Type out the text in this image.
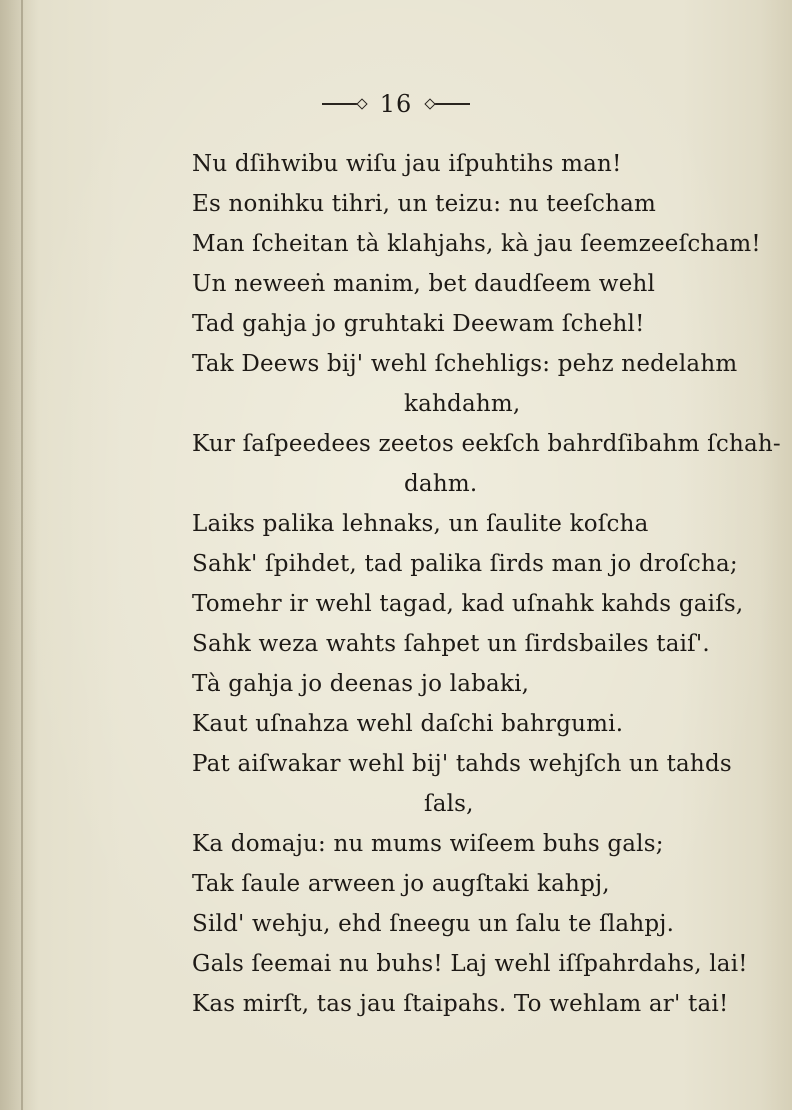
16
Nu dſihwibu wiſu jau iſpuhtihs man!
Es nonihku tihri, un teizu: nu teeſcham
Man ſcheitan tà klahjahs, kà jau ſeemzeeſcham!
Un neweeṅ manim, bet daudſeem wehl
Tad gahja jo gruhtaki Deewam ſchehl!
Tak Deews bij' wehl ſchehligs: pehz nedelahm
kahdahm,
Kur ſaſpeedees zeetos eekſch bahrdſibahm ſchah-
dahm.
Laiks palika lehnaks, un ſaulite koſcha
Sahk' ſpihdet, tad palika ſirds man jo droſcha;
Tomehr ir wehl tagad, kad uſnahk kahds gaiſs,
Sahk weza wahts ſahpet un ſirdsbailes taiſ'.
Tà gahja jo deenas jo labaki,
Kaut uſnahza wehl daſchi bahrgumi.
Pat aiſwakar wehl bij' tahds wehjſch un tahds
ſals,
Ka domaju: nu mums wiſeem buhs gals;
Tak ſaule arween jo augſtaki kahpj,
Sild' wehju, ehd ſneegu un ſalu te ſlahpj.
Gals ſeemai nu buhs! Laj wehl iſſpahrdahs, lai!
Kas mirſt, tas jau ſtaipahs. To wehlam ar' tai!
